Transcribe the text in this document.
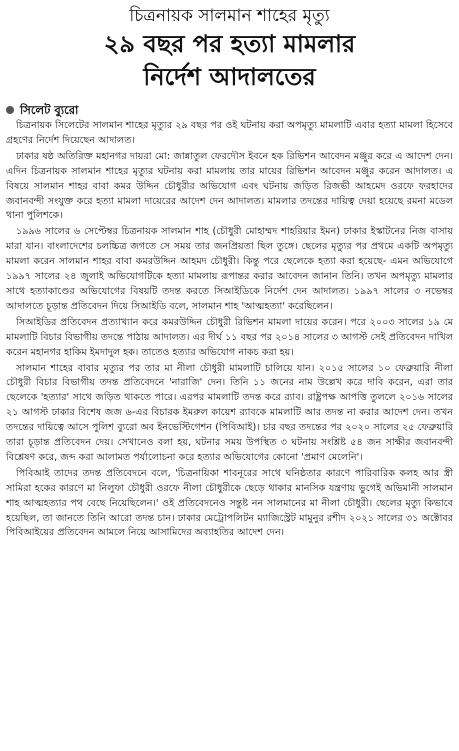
চিত্রনায়ক সালমান শাহের মৃত্যু
২৯ বছর পর হত্যা মামলার
নির্দেশ আদালতের
সিলেট ব্যুরো

চিত্রনায়ক সিলেটের সালমান শাহের মৃত্যুর ২৯ বছর পর ওই ঘটনায় করা অপমৃত্যু মামলাটি এবার হত্যা মামলা হিসেবে গ্রহণের নির্দেশ দিয়েছেন আদালত।

ঢাকার ষষ্ঠ অতিরিক্ত মহানগর দায়রা মো: জান্নাতুল ফেরদৌস ইবনে হক রিভিশন আবেদন মঞ্জুর করে এ আদেশ দেন। এদিন চিত্রনায়ক সালমান শাহের মৃত্যুর ঘটনায় করা মামলায় তার মায়ের রিভিশন আবেদন মঞ্জুর করেন আদালত। এ বিষয়ে সালমান শাহর বাবা কমর উদ্দিন চৌধুরীর অভিযোগ এবং ঘটনায় জড়িত রিজভী আহমেদ ওরফে ফরহাদের জবানবন্দী সংযুক্ত করে হত্যা মামলা দায়েরের আদেশ দেন আদালত। মামলার তদন্তের দায়িত্ব দেয়া হয়েছে রমনা মডেল থানা পুলিশকে।

১৯৯৬ সালের ৬ সেপ্টেম্বর চিত্রনায়ক সালমান শাহ (চৌধুরী মোহাম্মদ শাহরিয়ার ইমন) ঢাকার ইস্কাটনের নিজ বাসায় মারা যান। বাংলাদেশের চলচ্চিত্র জগতে সে সময় তার জনপ্রিয়তা ছিল তুঙ্গে। ছেলের মৃত্যুর পর প্রথমে একটি অপমৃত্যু মামলা করেন সালমান শাহর বাবা কমরউদ্দিন আহমদ চৌধুরী। কিন্তু পরে ছেলেকে হত্যা করা হয়েছে- এমন অভিযোগে ১৯৯৭ সালের ২৪ জুলাই অভিযোগটিকে হত্যা মামলায় রূপান্তর করার আবেদন জানান তিনি। তখন অপমৃত্যু মামলার সাথে হত্যাকাণ্ডের অভিযোগের বিষয়টি তদন্ত করতে সিআইডিকে নির্দেশ দেন আদালত। ১৯৯৭ সালের ৩ নভেম্বর আদালতে চূড়ান্ত প্রতিবেদন দিয়ে সিআইডি বলে, সালমান শাহ 'আত্মহত্যা' করেছিলেন।

সিআইডির প্রতিবেদন প্রত্যাখ্যান করে কমরউদ্দিন চৌধুরী রিভিশন মামলা দায়ের করেন। পরে ২০০৩ সালের ১৯ মে মামলাটি বিচার বিভাগীয় তদন্তে পাঠায় আদালত। এর দীর্ঘ ১১ বছর পর ২০১৪ সালের ৩ আগস্ট সেই প্রতিবেদন দাখিল করেন মহানগর হাকিম ইমদাদুল হক। তাতেও হত্যার অভিযোগ নাকচ করা হয়।

সালমান শাহের বাবার মৃত্যুর পর তার মা নীলা চৌধুরী মামলাটি চালিয়ে যান। ২০১৫ সালের ১০ ফেব্রুয়ারি নীলা চৌধুরী বিচার বিভাগীয় তদন্ত প্রতিবেদনে 'নারাজি' দেন। তিনি ১১ জনের নাম উল্লেখ করে দাবি করেন, এরা তার ছেলেকে 'হত্যার' সাথে জড়িত থাকতে পারে। এরপর মামলাটি তদন্ত করে র‍্যাব। রাষ্ট্রপক্ষ আপত্তি তুললে ২০১৬ সালের ২১ আগস্ট ঢাকার বিশেষ জজ ৬-এর বিচারক ইমরুল কায়েশ র‍্যাবকে মামলাটি আর তদন্ত না করার আদেশ দেন। তখন তদন্তের দায়িত্বে আসে পুলিশ ব্যুরো অব ইনভেস্টিগেশন (পিবিআই)। চার বছর তদন্তের পর ২০২০ সালের ২৫ ফেব্রুয়ারি তারা চূড়ান্ত প্রতিবেদন দেয়। সেখানেও বলা হয়, ঘটনার সময় উপস্থিত ৩ ঘটনায় সংশ্লিষ্ট ৫৪ জন সাক্ষীর জবানবন্দী বিশ্লেষণ করে, জব্দ করা আলামত পর্যালোচনা করে হত্যার অভিযোগের কোনো 'প্রমাণ মেলেনি'।

পিবিআই তাদের তদন্ত প্রতিবেদনে বলে, 'চিত্রনায়িকা শাবনূরের সাথে ঘনিষ্ঠতার কারণে পারিবারিক কলহ আর স্ত্রী সামিরা হকের কারণে মা নিলুফা চৌধুরী ওরফে নীলা চৌধুরীকে ছেড়ে থাকার মানসিক যন্ত্রণায় ভুগেই অভিমানী সালমান শাহ আত্মহত্যার পথ বেছে নিয়েছিলেন।' ওই প্রতিবেদনেও সন্তুষ্ট নন সালমানের মা নীলা চৌধুরী। ছেলের মৃত্যু কিভাবে হয়েছিল, তা জানতে তিনি আরো তদন্ত চান। ঢাকার মেট্রোপলিটন ম্যাজিস্ট্রেট মামুনুর রশীদ ২০২১ সালের ৩১ অক্টোবর পিবিআইয়ের প্রতিবেদন আমলে নিয়ে আসামিদের অব্যাহতির আদেশ দেন।
